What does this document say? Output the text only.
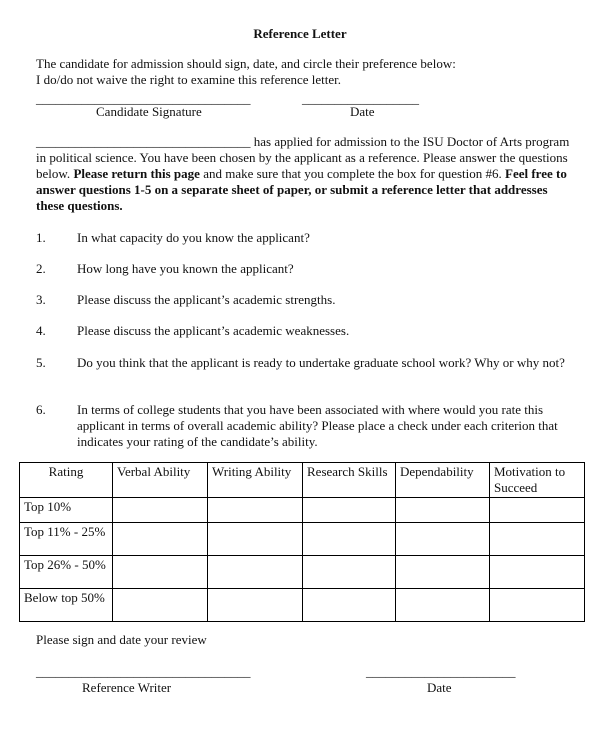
Reference Letter
The candidate for admission should sign, date, and circle their preference below:
I do/do not waive the right to examine this reference letter.
_________________________________	__________________
Candidate Signature	Date
_________________________________ has applied for admission to the ISU Doctor of Arts program in political science. You have been chosen by the applicant as a reference. Please answer the questions below. Please return this page and make sure that you complete the box for question #6. Feel free to answer questions 1-5 on a separate sheet of paper, or submit a reference letter that addresses these questions.
1.	In what capacity do you know the applicant?
2.	How long have you known the applicant?
3.	Please discuss the applicant’s academic strengths.
4.	Please discuss the applicant’s academic weaknesses.
5.	Do you think that the applicant is ready to undertake graduate school work? Why or why not?
6.	In terms of college students that you have been associated with where would you rate this applicant in terms of overall academic ability? Please place a check under each criterion that indicates your rating of the candidate’s ability.
Rating	Verbal Ability	Writing Ability	Research Skills	Dependability	Motivation to Succeed
Top 10%					
Top 11% - 25%					
Top 26% - 50%					
Below top 50%					
Please sign and date your review
_________________________________	_______________________
Reference Writer	Date
